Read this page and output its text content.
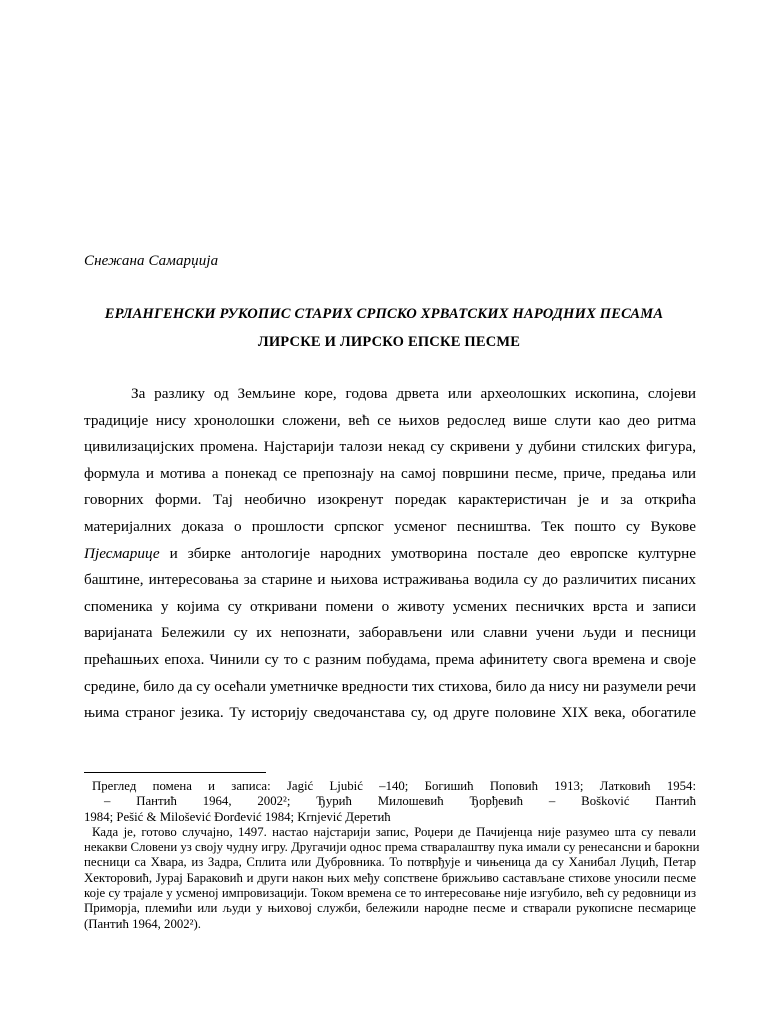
Снежана Самарџија
ЕРЛАНГЕНСКИ РУКОПИС СТАРИХ СРПСКО ХРВАТСКИХ НАРОДНИХ ПЕСАМА
ЛИРСКЕ И ЛИРСКО ЕПСКЕ ПЕСМЕ
За разлику од Земљине коре, годова дрвета или археолошких ископина, слојеви
традиције нису хронолошки сложени, већ се њихов редослед више слути као део ритма
цивилизацијских промена. Најстарији талози некад су скривени у дубини стилских фигура,
формула и мотива а понекад се препознају на самој површини песме, приче, предања или
говорних форми. Тај необично изокренут поредак карактеристичан је и за открића
материјалних доказа о прошлости српског усменог песништва. Тек пошто су Вукове
Пјесмарице и збирке антологије народних умотворина постале део европске културне
баштине, интересовања за старине и њихова истраживања водила су до различитих писаних
споменика у којима су откривани помени о животу усмених песничких врста и записи
варијаната Бележили су их непознати, заборављени или славни учени људи и песници
прећашњих епоха. Чинили су то с разним побудама, према афинитету свога времена и своје
средине, било да су осећали уметничке вредности тих стихова, било да нису ни разумели речи
њима страног језика. Ту историју сведочанстава су, од друге половине XIX века, обогатиле
Преглед помена и записа: Jagić Ljubić –140; Богишић Поповић 1913; Латковић 1954:
– Пантић 1964, 2002²; Ђурић Милошевић Ђорђевић – Bošković Пантић
1984; Pešić & Milošević Đorđević 1984; Krnjević Деретић
Када је, готово случајно, 1497. настао најстарији запис, Роџери де Пачијенца није разумео шта су певали
некакви Словени уз своју чудну игру. Другачији однос према стваралаштву пука имали су ренесансни и барокни
песници са Хвара, из Задра, Сплита или Дубровника. То потврђује и чињеница да су Ханибал Луцић, Петар
Хекторовић, Јурај Бараковић и други након њих међу сопствене брижљиво састављане стихове уносили песме
које су трајале у усменој импровизацији. Током времена се то интересовање није изгубило, већ су редовници из
Приморја, племићи или људи у њиховој служби, бележили народне песме и стварали рукописне песмарице
(Пантић 1964, 2002²).
